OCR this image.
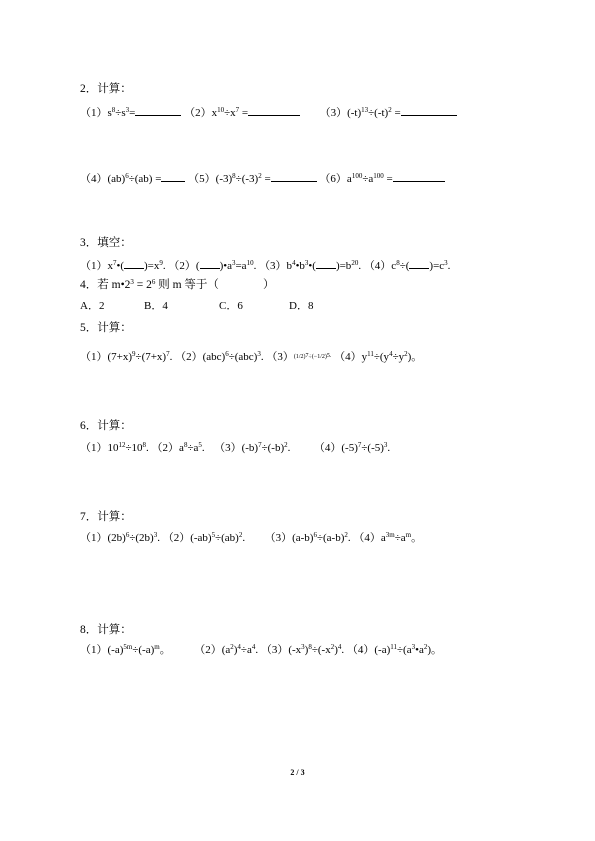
2．计算：
$(1)s^8\div s^3=$	$(2)x^{10}\div x^7$ =	$(3)(-t)^{13}\div(-t)^2$ =
$(4)(ab)^6\div(ab) = (5)(-3)^8\div(-3)^2$ =	$(6)a^{100}\div a^{100}$ =
3．填空：
$(1)x^7•$( )$=x^9$. （2）( )$•a^3=a^{10}$. $(3)b^4•b^3•$( )$=b^{20}$. $(4)c^8\div$( )$=c^3$.
4．若 $m•2^3 = 2^6$ 则 m 等于（	）
A．2	B．4	C．6	D．8
5．计算：
$(1)(7+x)^9\div(7+x)^7$. （2）(abc)$^6$÷(abc)$^3$. $(3)(1/2)^7\div(-1/2)^{5.}$ $(4)y^{11}\div(y^4\div y^2)$。
6．计算：
$(1)10^{12}\div 10^8$. $(2)a^8\div a^5$. $(3)(-b)^7\div(-b)^2$. $(4)(-5)^7\div(-5)^3$.
7．计算：
$(1)(2b)^6\div(2b)^3$. $(2)(-ab)^5\div(ab)^2$. $(3)(a-b)^6\div(a-b)^2$. $(4)a^{3m}\div a^m$。
8．计算：
$(1)(-a)^{5m}\div(-a)^m$。 $(2)(a^2)^4\div a^4$. $(3)(-x^3)^8\div(-x^2)^4$. $(4)(-a)^{11}\div(a^3•a^2)$。
2 / 3
